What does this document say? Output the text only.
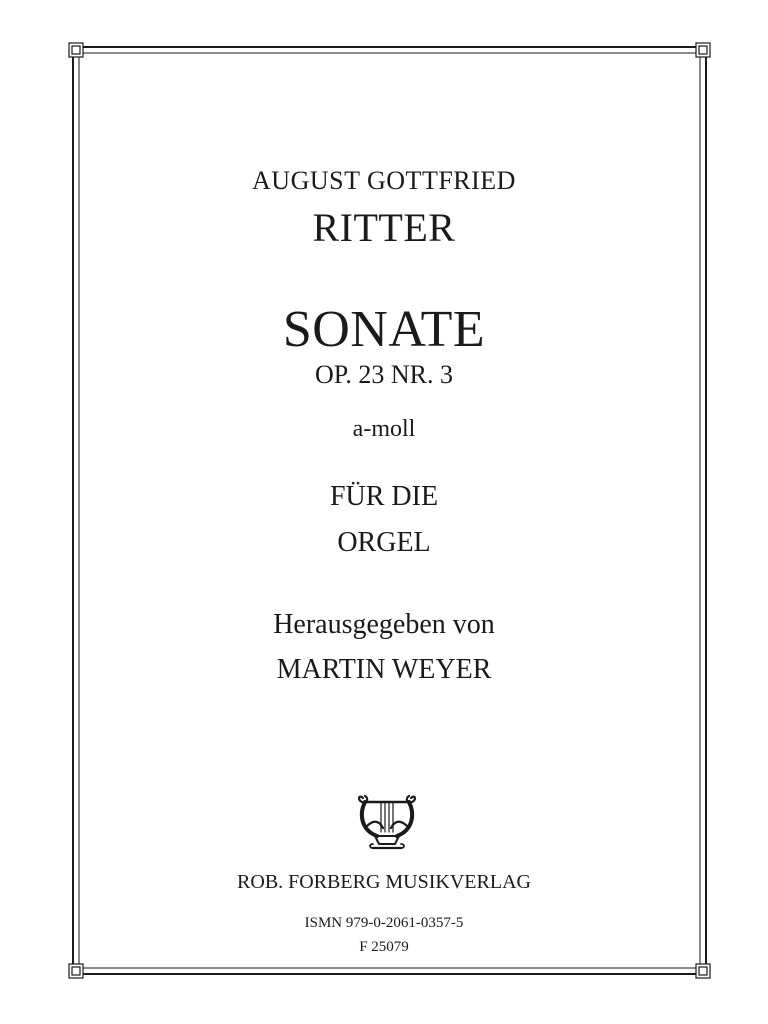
AUGUST GOTTFRIED

RITTER

SONATE

OP. 23 NR. 3

a-moll

FÜR DIE

ORGEL

Herausgegeben von

MARTIN WEYER

ROB. FORBERG MUSIKVERLAG

ISMN 979-0-2061-0357-5

F 25079
